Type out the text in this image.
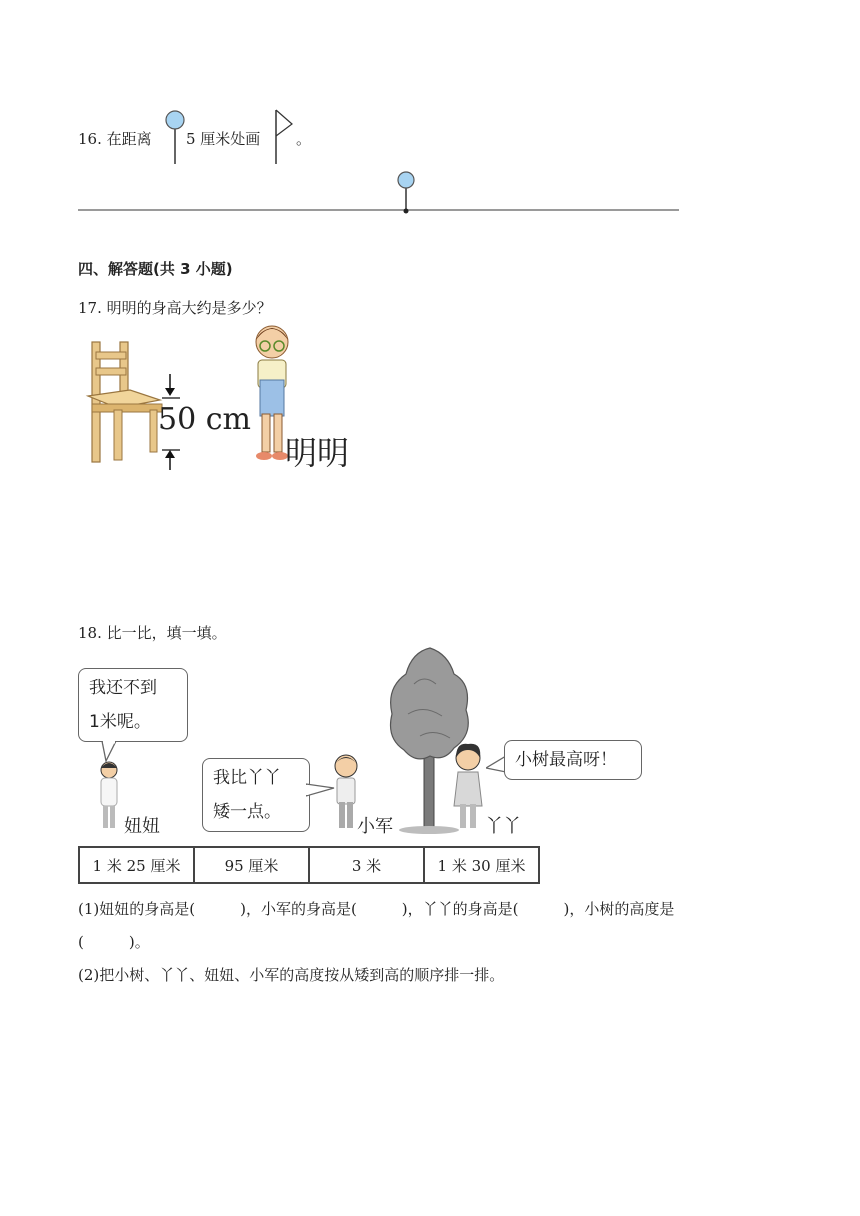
16. 在距离 5 厘米处画 。
四、解答题(共 3 小题)
17. 明明的身高大约是多少？
50 cm
明明
18. 比一比，填一填。
我还不到
1米呢。
妞妞
我比丫丫
矮一点。
小军	丫丫
小树最高呀！
1 米 25 厘米	95 厘米	3 米	1 米 30 厘米
(1)妞妞的身高是(　　　)，小军的身高是(　　　)，丫丫的身高是(　　　)，小树的高度是
(　　　)。
(2)把小树、丫丫、妞妞、小军的高度按从矮到高的顺序排一排。
